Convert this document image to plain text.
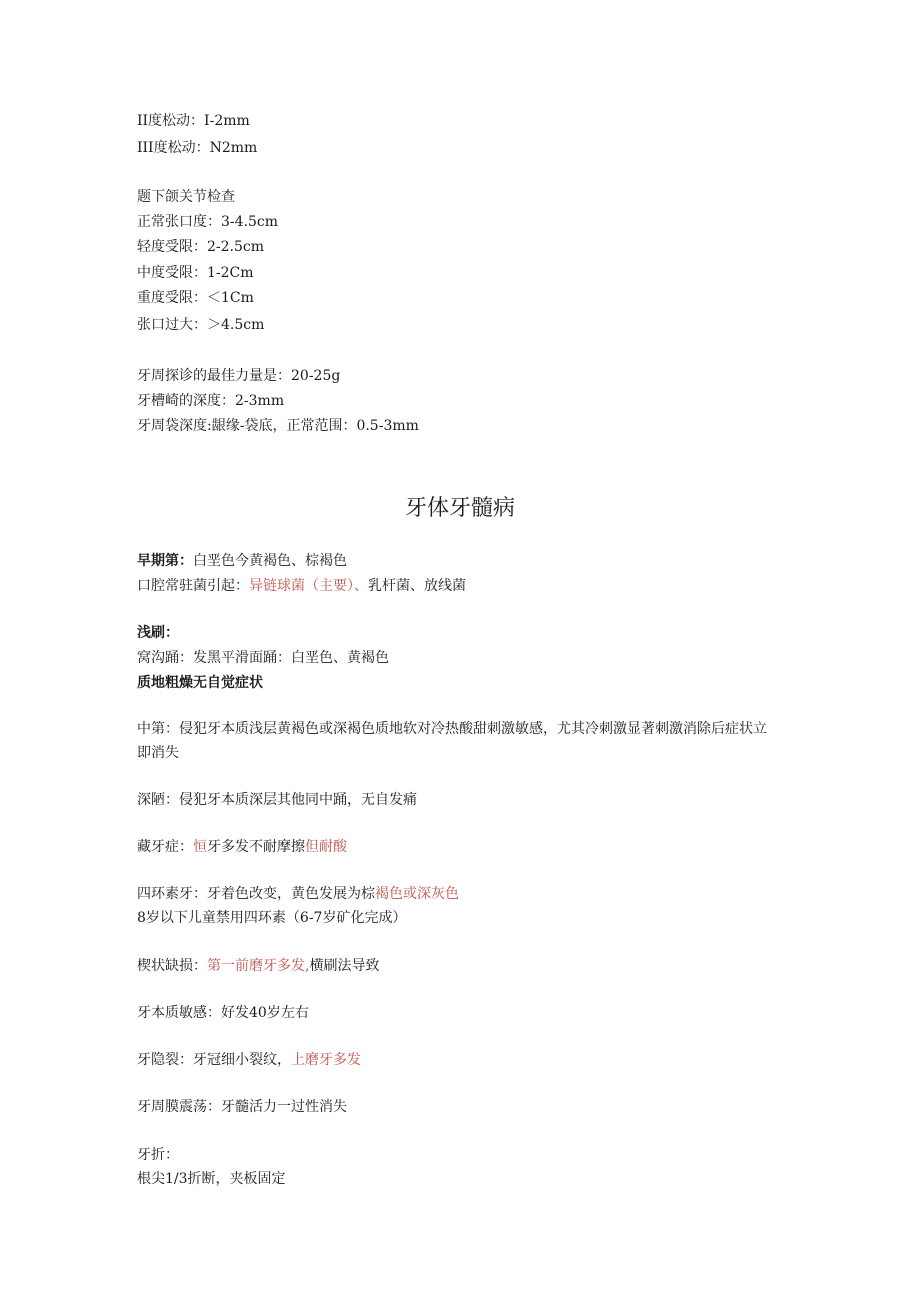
II度松动：I-2mm

III度松动：N2mm

题下颌关节检查

正常张口度：3-4.5cm

轻度受限：2-2.5cm

中度受限：1-2Cm

重度受限：＜1Cm

张口过大：＞4.5cm

牙周探诊的最佳力量是：20-25g

牙槽崎的深度：2-3mm

牙周袋深度:龈缘-袋底，正常范围：0.5-3mm

牙体牙髓病

早期第：白垩色今黄褐色、棕褐色

口腔常驻菌引起：异链球菌（主要）、乳杆菌、放线菌

浅刷：

窝沟踊：发黑平滑面踊：白垩色、黄褐色

质地粗燥无自觉症状

中第：侵犯牙本质浅层黄褐色或深褐色质地软对冷热酸甜刺激敏感，尤其冷刺激显著刺激消除后症状立即消失

深陋：侵犯牙本质深层其他同中踊，无自发痛

藏牙症：恒牙多发不耐摩擦但耐酸

四环素牙：牙着色改变，黄色发展为棕褐色或深灰色

8岁以下儿童禁用四环素（6-7岁矿化完成）

楔状缺损：第一前磨牙多发,横刷法导致

牙本质敏感：好发40岁左右

牙隐裂：牙冠细小裂纹，上磨牙多发

牙周膜震荡：牙髓活力一过性消失

牙折：

根尖1/3折断，夹板固定
